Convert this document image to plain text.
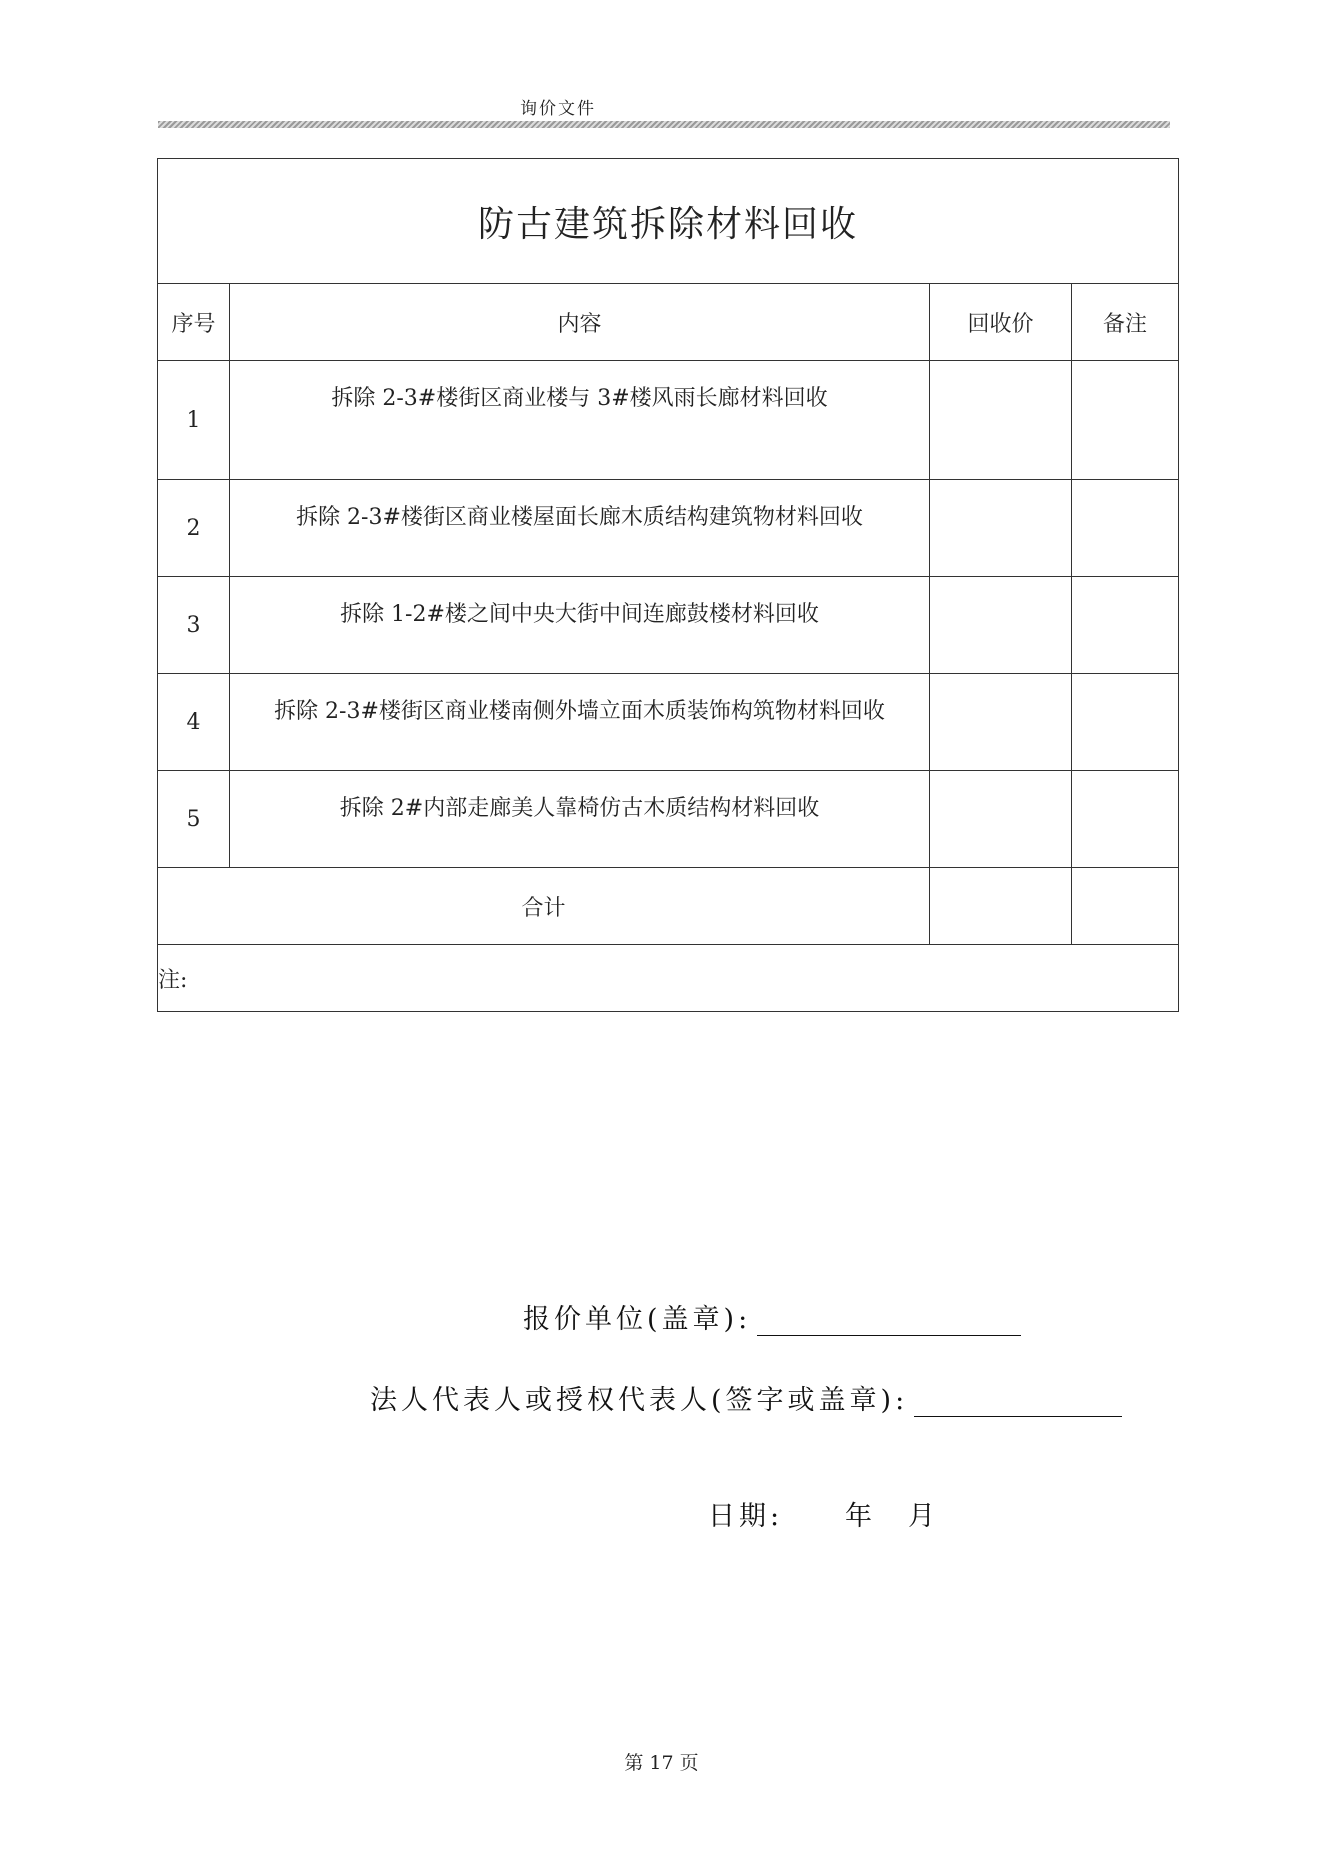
询价文件
防古建筑拆除材料回收			
序号	内容	回收价	备注
1	拆除 2-3#楼街区商业楼与 3#楼风雨长廊材料回收		
2	拆除 2-3#楼街区商业楼屋面长廊木质结构建筑物材料回收		
3	拆除 1-2#楼之间中央大街中间连廊鼓楼材料回收		
4	拆除 2-3#楼街区商业楼南侧外墙立面木质装饰构筑物材料回收		
5	拆除 2#内部走廊美人靠椅仿古木质结构材料回收		
合计			
注:			
报价单位(盖章):
法人代表人或授权代表人(签字或盖章):
日期: 年 月
第 17 页
